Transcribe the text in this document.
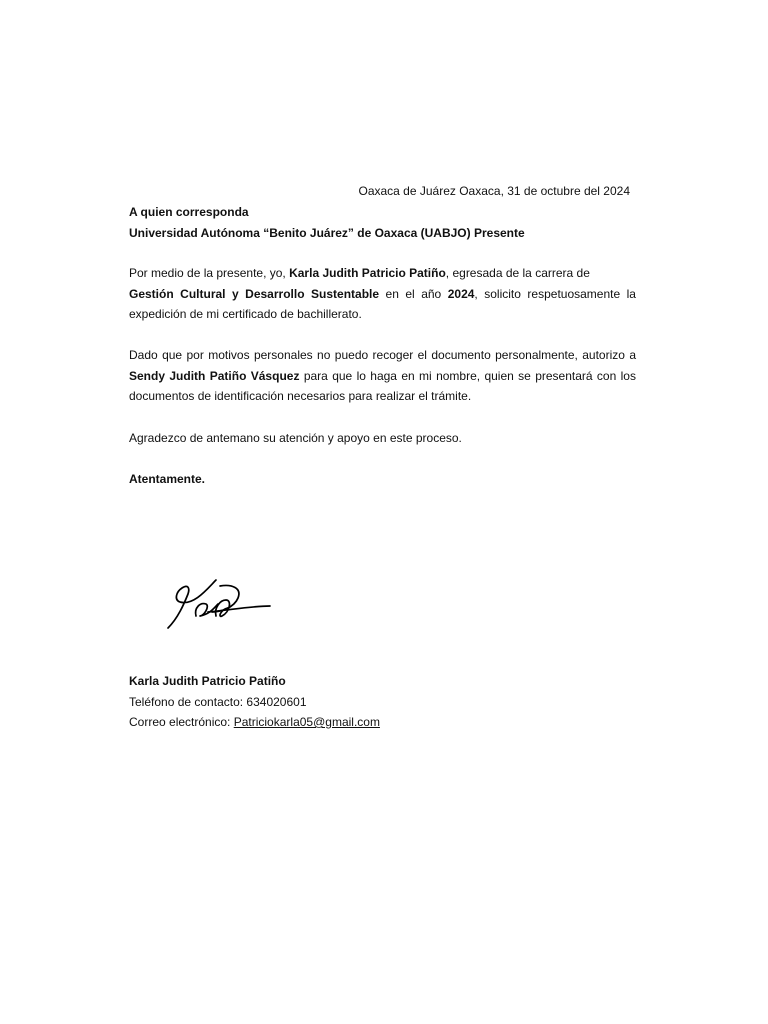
Oaxaca de Juárez Oaxaca, 31 de octubre del 2024

A quien corresponda

Universidad Autónoma “Benito Juárez” de Oaxaca (UABJO) Presente

Por medio de la presente, yo, Karla Judith Patricio Patiño, egresada de la carrera de
Gestión Cultural y Desarrollo Sustentable en el año 2024, solicito respetuosamente la expedición de mi certificado de bachillerato.

Dado que por motivos personales no puedo recoger el documento personalmente, autorizo a Sendy Judith Patiño Vásquez para que lo haga en mi nombre, quien se presentará con los documentos de identificación necesarios para realizar el trámite.

Agradezco de antemano su atención y apoyo en este proceso.
Atentamente.

Karla Judith Patricio Patiño

Teléfono de contacto: 634020601

Correo electrónico: Patriciokarla05@gmail.com
